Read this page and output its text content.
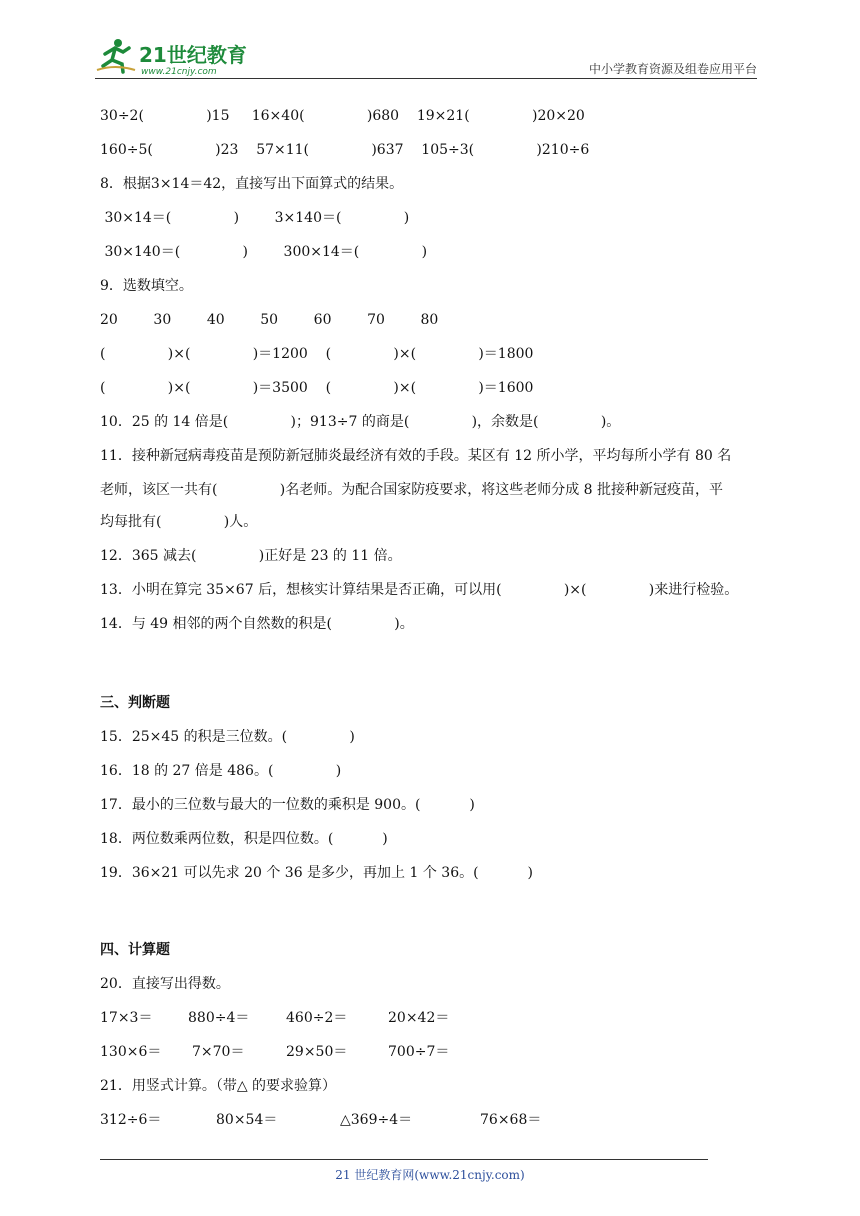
21世纪教育
www.21cnjy.com	中小学教育资源及组卷应用平台
30÷2(              )15     16×40(              )680    19×21(              )20×20
160÷5(              )23    57×11(              )637    105÷3(              )210÷6
8．根据3×14＝42，直接写出下面算式的结果。
30×14＝(              )        3×140＝(              )
30×140＝(              )        300×14＝(              )
9．选数填空。
20        30        40        50        60        70        80
(              )×(              )＝1200    (              )×(              )＝1800
(              )×(              )＝3500    (              )×(              )＝1600
10．25 的 14 倍是(              )；913÷7 的商是(              )，余数是(              )。
11．接种新冠病毒疫苗是预防新冠肺炎最经济有效的手段。某区有 12 所小学，平均每所小学有 80 名
老师，该区一共有(              )名老师。为配合国家防疫要求，将这些老师分成 8 批接种新冠疫苗，平
均每批有(              )人。
12．365 减去(              )正好是 23 的 11 倍。
13．小明在算完 35×67 后，想核实计算结果是否正确，可以用(              )×(              )来进行检验。
14．与 49 相邻的两个自然数的积是(              )。
三、判断题
15．25×45 的积是三位数。(              )
16．18 的 27 倍是 486。(              )
17．最小的三位数与最大的一位数的乘积是 900。(           )
18．两位数乘两位数，积是四位数。(           )
19．36×21 可以先求 20 个 36 是多少，再加上 1 个 36。(           )
四、计算题
20．直接写出得数。
17×3＝	880÷4＝	460÷2＝	20×42＝
130×6＝ 7×70＝	29×50＝	700÷7＝
21．用竖式计算。（带△ 的要求验算）
312÷6＝	80×54＝	△369÷4＝	76×68＝
21 世纪教育网(www.21cnjy.com)
